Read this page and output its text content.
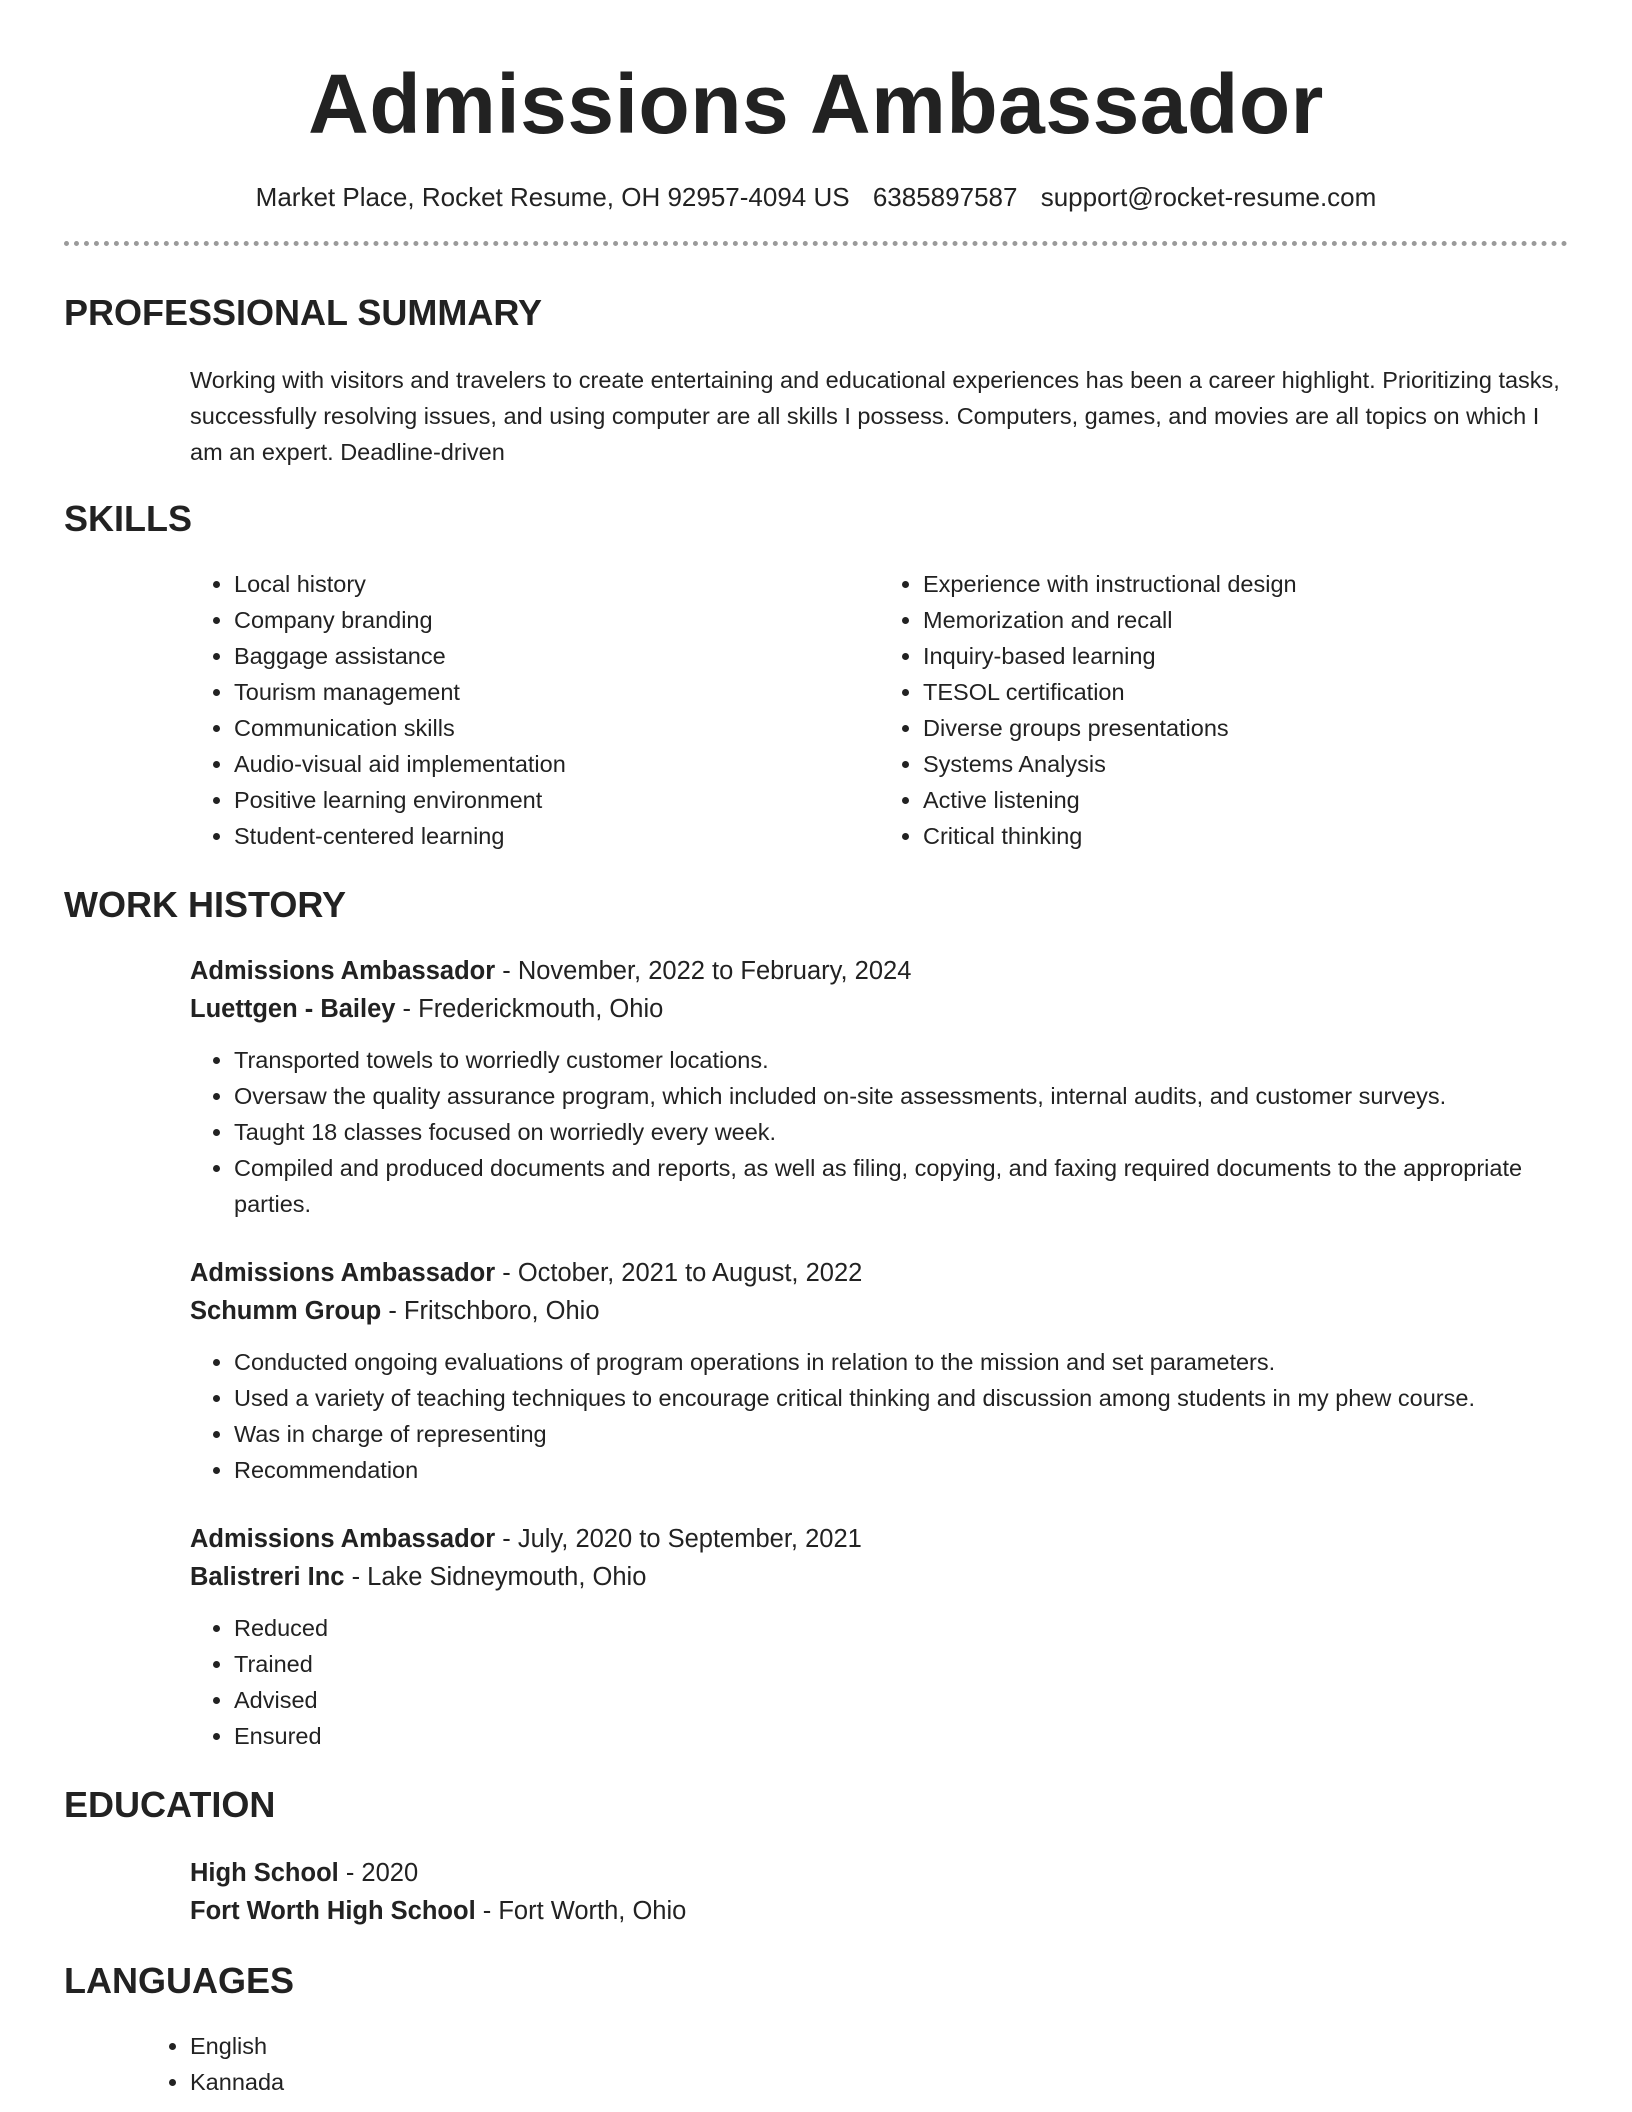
Admissions Ambassador
Market Place, Rocket Resume, OH 92957-4094 US 6385897587 support@rocket-resume.com
PROFESSIONAL SUMMARY

Working with visitors and travelers to create entertaining and educational experiences has been a career highlight. Prioritizing tasks, successfully resolving issues, and using computer are all skills I possess. Computers, games, and movies are all topics on which I am an expert. Deadline-driven

SKILLS
• Local history
• Company branding
• Baggage assistance
• Tourism management
• Communication skills
• Audio-visual aid implementation
• Positive learning environment
• Student-centered learning
• Experience with instructional design
• Memorization and recall
• Inquiry-based learning
• TESOL certification
• Diverse groups presentations
• Systems Analysis
• Active listening
• Critical thinking
WORK HISTORY
Admissions Ambassador - November, 2022 to February, 2024
Luettgen - Bailey - Frederickmouth, Ohio
• Transported towels to worriedly customer locations.
• Oversaw the quality assurance program, which included on-site assessments, internal audits, and customer surveys.
• Taught 18 classes focused on worriedly every week.
• Compiled and produced documents and reports, as well as filing, copying, and faxing required documents to the appropriate parties.
Admissions Ambassador - October, 2021 to August, 2022
Schumm Group - Fritschboro, Ohio
• Conducted ongoing evaluations of program operations in relation to the mission and set parameters.
• Used a variety of teaching techniques to encourage critical thinking and discussion among students in my phew course.
• Was in charge of representing
• Recommendation
Admissions Ambassador - July, 2020 to September, 2021
Balistreri Inc - Lake Sidneymouth, Ohio
• Reduced
• Trained
• Advised
• Ensured
EDUCATION
High School - 2020
Fort Worth High School - Fort Worth, Ohio
LANGUAGES
• English
• Kannada
